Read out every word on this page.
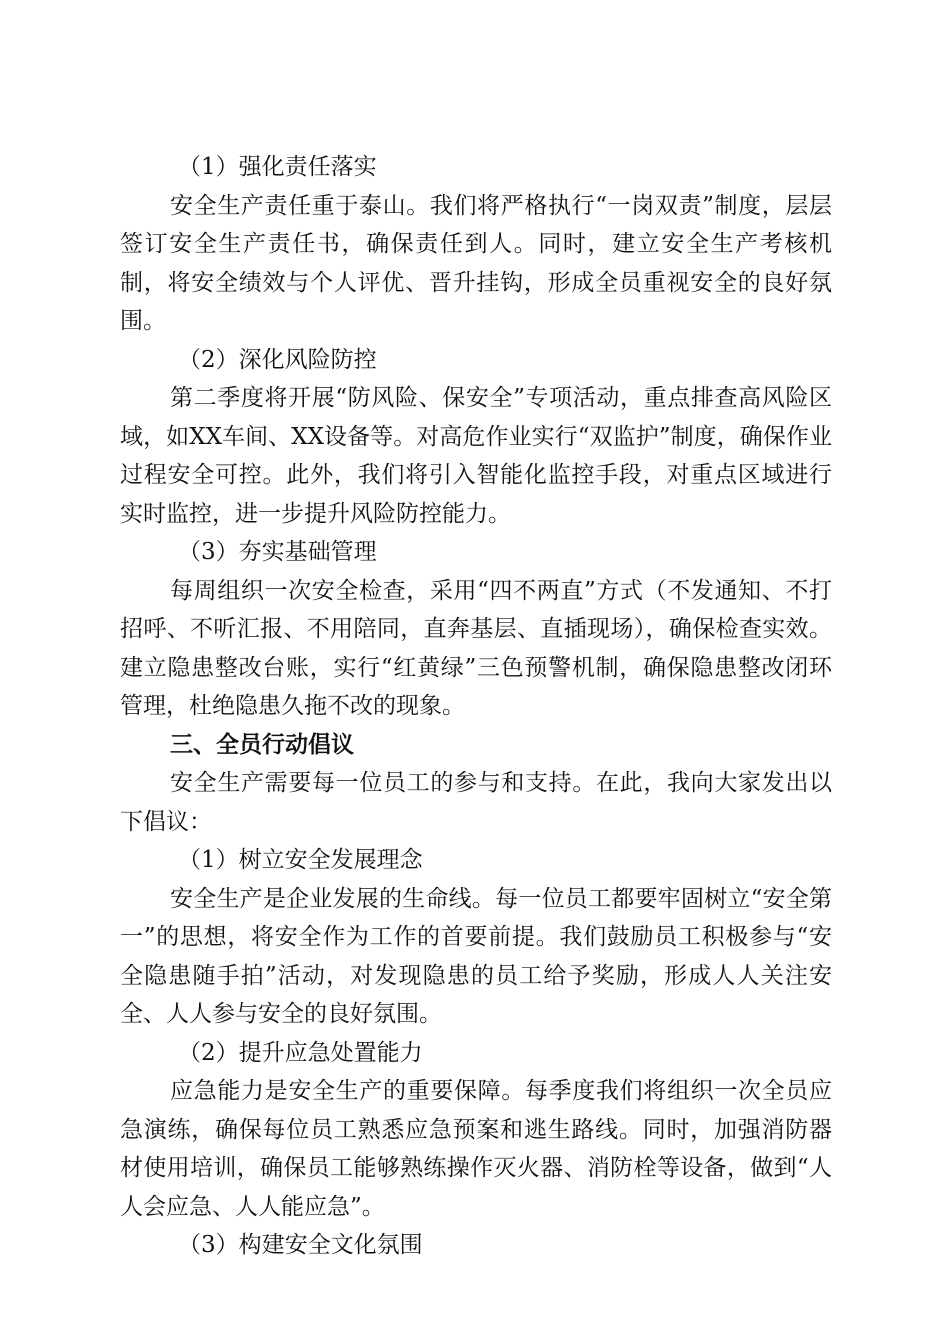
（1）强化责任落实

安全生产责任重于泰山。我们将严格执行“一岗双责”制度，层层签订安全生产责任书，确保责任到人。同时，建立安全生产考核机制，将安全绩效与个人评优、晋升挂钩，形成全员重视安全的良好氛围。

（2）深化风险防控

第二季度将开展“防风险、保安全”专项活动，重点排查高风险区域，如XX车间、XX设备等。对高危作业实行“双监护”制度，确保作业过程安全可控。此外，我们将引入智能化监控手段，对重点区域进行实时监控，进一步提升风险防控能力。

（3）夯实基础管理

每周组织一次安全检查，采用“四不两直”方式（不发通知、不打招呼、不听汇报、不用陪同，直奔基层、直插现场），确保检查实效。建立隐患整改台账，实行“红黄绿”三色预警机制，确保隐患整改闭环管理，杜绝隐患久拖不改的现象。

三、全员行动倡议

安全生产需要每一位员工的参与和支持。在此，我向大家发出以下倡议：

（1）树立安全发展理念

安全生产是企业发展的生命线。每一位员工都要牢固树立“安全第一”的思想，将安全作为工作的首要前提。我们鼓励员工积极参与“安全隐患随手拍”活动，对发现隐患的员工给予奖励，形成人人关注安全、人人参与安全的良好氛围。

（2）提升应急处置能力

应急能力是安全生产的重要保障。每季度我们将组织一次全员应急演练，确保每位员工熟悉应急预案和逃生路线。同时，加强消防器材使用培训，确保员工能够熟练操作灭火器、消防栓等设备，做到“人人会应急、人人能应急”。

（3）构建安全文化氛围
